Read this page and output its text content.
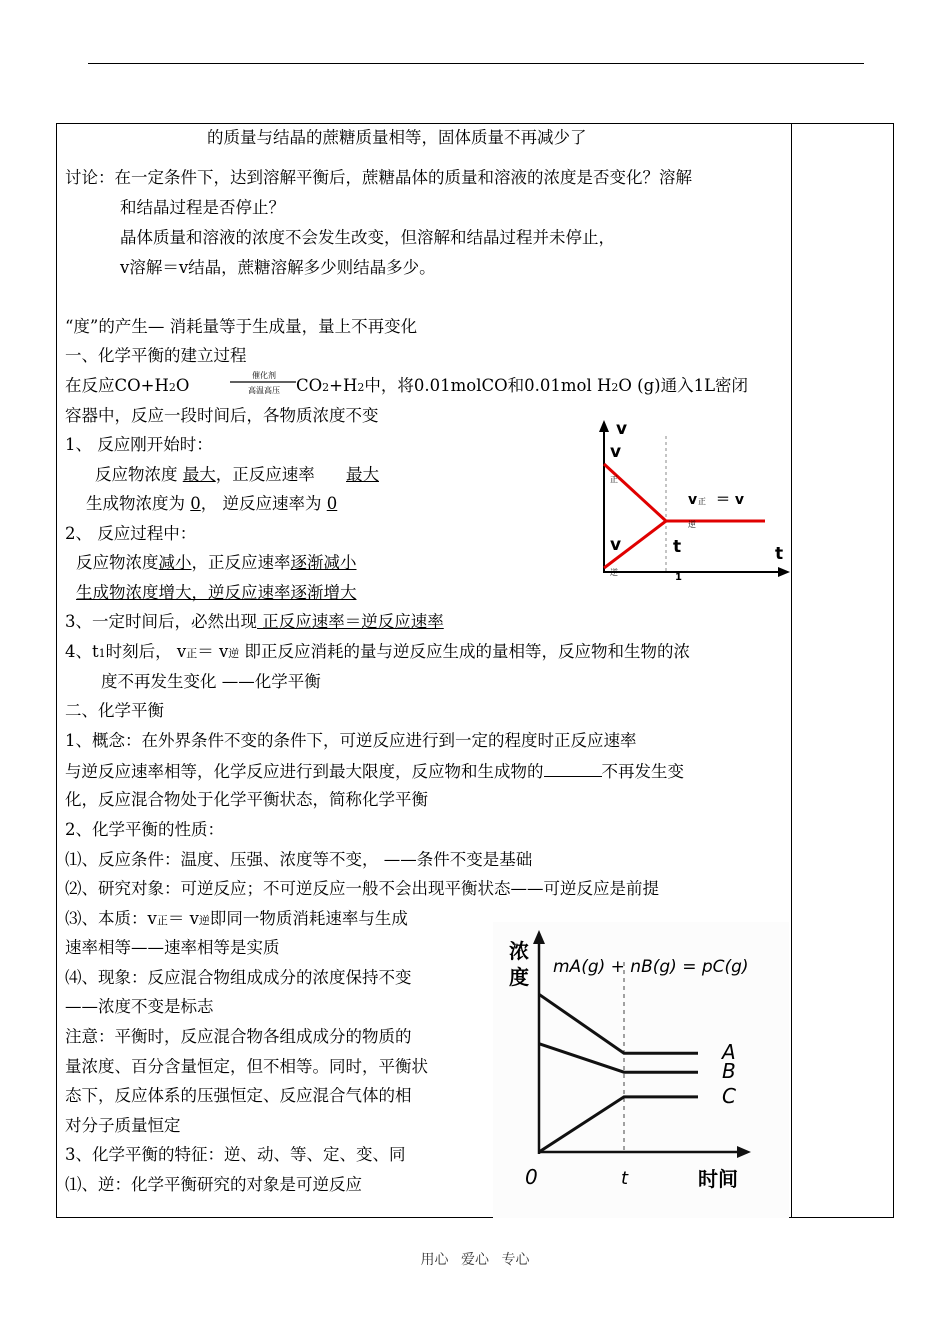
的质量与结晶的蔗糖质量相等，固体质量不再减少了
讨论：在一定条件下，达到溶解平衡后，蔗糖晶体的质量和溶液的浓度是否变化？溶解
和结晶过程是否停止？
晶体质量和溶液的浓度不会发生改变，但溶解和结晶过程并未停止，
v溶解＝v结晶，蔗糖溶解多少则结晶多少。
“度”的产生— 消耗量等于生成量，量上不再变化
一、化学平衡的建立过程
在反应CO+H2O
催化剂
高温高压 CO2+H2中，将0.01molCO和0.01mol H2O (g)通入1L密闭
容器中，反应一段时间后，各物质浓度不变
1、 反应刚开始时：
反应物浓度 最大，正反应速率 最大
生成物浓度为 0， 逆反应速率为 0
2、 反应过程中：
反应物浓度减小，正反应速率逐渐减小
生成物浓度增大，逆反应速率逐渐增大
3、一定时间后，必然出现 正反应速率＝逆反应速率
4、t1时刻后， v正＝ v逆 即正反应消耗的量与逆反应生成的量相等，反应物和生物的浓
度不再发生变化 ——化学平衡
二、化学平衡
1、概念：在外界条件不变的条件下，可逆反应进行到一定的程度时正反应速率
与逆反应速率相等，化学反应进行到最大限度，反应物和生成物的	不再发生变
化，反应混合物处于化学平衡状态，简称化学平衡
2、化学平衡的性质：
⑴、反应条件：温度、压强、浓度等不变， ——条件不变是基础
⑵、研究对象：可逆反应；不可逆反应一般不会出现平衡状态——可逆反应是前提
⑶、本质：v正＝ v逆即同一物质消耗速率与生成
速率相等——速率相等是实质
⑷、现象：反应混合物组成成分的浓度保持不变
——浓度不变是标志
注意：平衡时，反应混合物各组成成分的物质的
量浓度、百分含量恒定，但不相等。同时，平衡状
态下，反应体系的压强恒定、反应混合气体的相
对分子质量恒定
3、化学平衡的特征：逆、动、等、定、变、同
⑴、逆：化学平衡研究的对象是可逆反应
v
v
正
v
逆
v 正 ＝ v
逆
t
1
t
A
B
C
浓
度 mA(g) + nB(g) = pC(g)
0	t	时间
用心 爱心 专心
